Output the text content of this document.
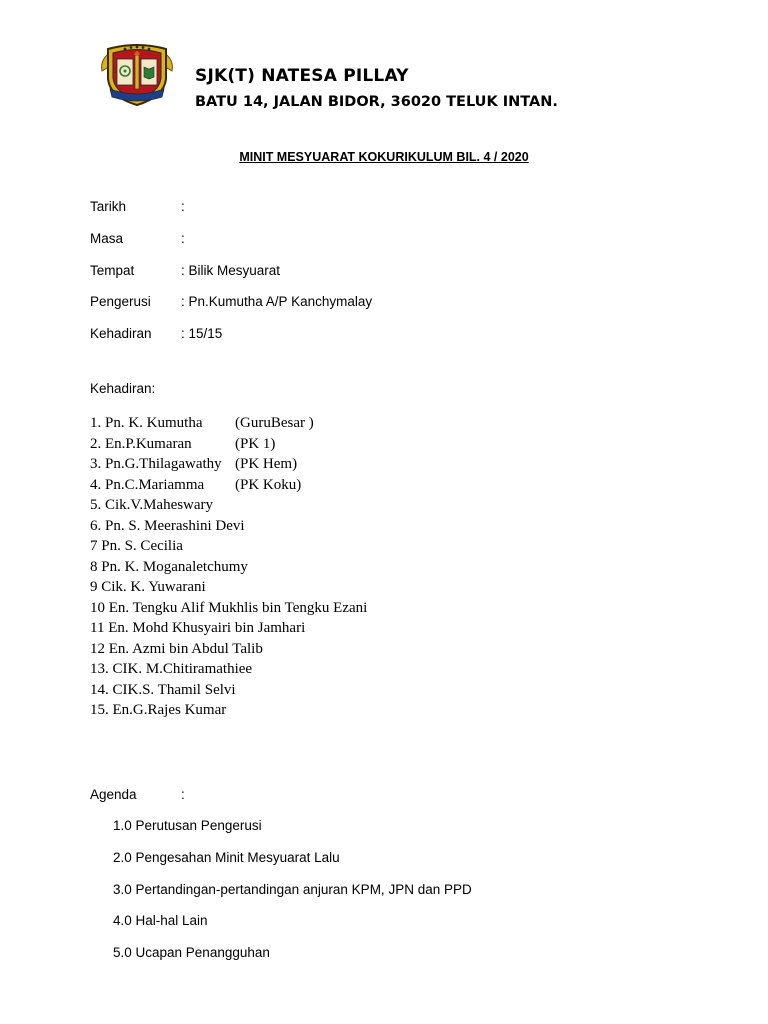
SJK(T) NATESA PILLAY
BATU 14, JALAN BIDOR, 36020 TELUK INTAN.
MINIT MESYUARAT KOKURIKULUM BIL. 4 / 2020
Tarikh	:
Masa	:
Tempat	: Bilik Mesyuarat
Pengerusi : Pn.Kumutha A/P Kanchymalay
Kehadiran : 15/15
Kehadiran:
1. Pn. K. Kumutha (GuruBesar )
2. En.P.Kumaran	(PK 1)
3. Pn.G.Thilagawathy (PK Hem)
4. Pn.C.Mariamma (PK Koku)
5. Cik.V.Maheswary
6. Pn. S. Meerashini Devi
7 Pn. S. Cecilia
8 Pn. K. Moganaletchumy
9 Cik. K. Yuwarani
10 En. Tengku Alif Mukhlis bin Tengku Ezani
11 En. Mohd Khusyairi bin Jamhari
12 En. Azmi bin Abdul Talib
13. CIK. M.Chitiramathiee
14. CIK.S. Thamil Selvi
15. En.G.Rajes Kumar
Agenda	:
1.0 Perutusan Pengerusi
2.0 Pengesahan Minit Mesyuarat Lalu
3.0 Pertandingan-pertandingan anjuran KPM, JPN dan PPD
4.0 Hal-hal Lain
5.0 Ucapan Penangguhan
